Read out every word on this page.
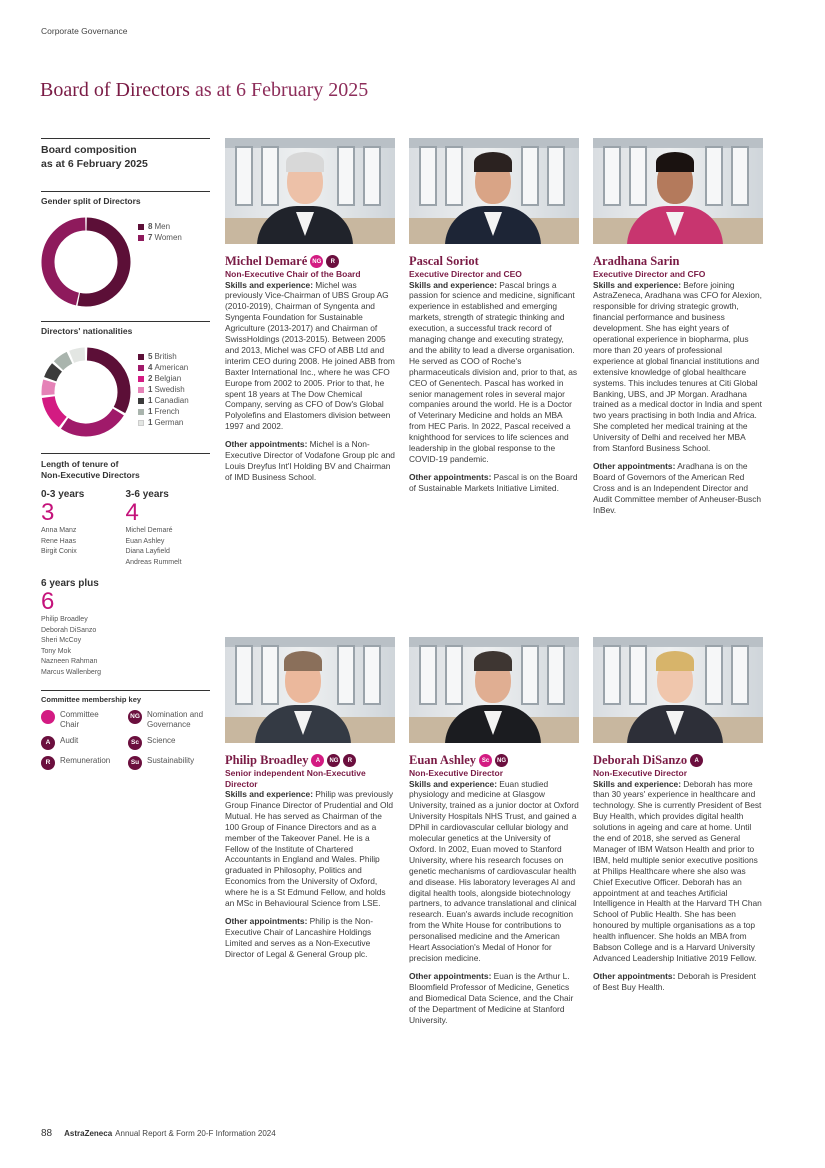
Corporate Governance
Board of Directors as at 6 February 2025
Board composition
as at 6 February 2025
Gender split of Directors
8 Men
7 Women
Directors' nationalities
5 British
4 American
2 Belgian
1 Swedish
1 Canadian
1 French
1 German
Length of tenure of
Non-Executive Directors
0-3 years
3
Anna Manz
Rene Haas
Birgit Conix
3-6 years
4
Michel Demaré
Euan Ashley
Diana Layfield
Andreas Rummelt
6 years plus
6
Philip Broadley
Deborah DiSanzo
Sheri McCoy
Tony Mok
Nazneen Rahman
Marcus Wallenberg
Committee membership key
Committee
Chair
NG Nomination and
Governance
A	Audit	Sc	Science
R	Remuneration	Su Sustainability
Michel Demaré NG	R
Non-Executive Chair of the Board
Skills and experience: Michel was previously Vice-Chairman of UBS Group AG (2010-2019), Chairman of Syngenta and Syngenta Foundation for Sustainable Agriculture (2013-2017) and Chairman of SwissHoldings (2013-2015). Between 2005 and 2013, Michel was CFO of ABB Ltd and interim CEO during 2008. He joined ABB from Baxter International Inc., where he was CFO Europe from 2002 to 2005. Prior to that, he spent 18 years at The Dow Chemical Company, serving as CFO of Dow's Global Polyolefins and Elastomers division between 1997 and 2002.
Other appointments: Michel is a Non-Executive Director of Vodafone Group plc and Louis Dreyfus Int'l Holding BV and Chairman of IMD Business School.
Pascal Soriot
Executive Director and CEO
Skills and experience: Pascal brings a passion for science and medicine, significant experience in established and emerging markets, strength of strategic thinking and execution, a successful track record of managing change and executing strategy, and the ability to lead a diverse organisation. He served as COO of Roche's pharmaceuticals division and, prior to that, as CEO of Genentech. Pascal has worked in senior management roles in several major companies around the world. He is a Doctor of Veterinary Medicine and holds an MBA from HEC Paris. In 2022, Pascal received a knighthood for services to life sciences and leadership in the global response to the COVID-19 pandemic.
Other appointments: Pascal is on the Board of Sustainable Markets Initiative Limited.
Aradhana Sarin
Executive Director and CFO
Skills and experience: Before joining AstraZeneca, Aradhana was CFO for Alexion, responsible for driving strategic growth, financial performance and business development. She has eight years of operational experience in biopharma, plus more than 20 years of professional experience at global financial institutions and extensive knowledge of global healthcare systems. This includes tenures at Citi Global Banking, UBS, and JP Morgan. Aradhana trained as a medical doctor in India and spent two years practising in both India and Africa. She completed her medical training at the University of Delhi and received her MBA from Stanford Business School.
Other appointments: Aradhana is on the Board of Governors of the American Red Cross and is an Independent Director and Audit Committee member of Anheuser-Busch InBev.
Philip Broadley	A	NG	R
Senior independent Non-Executive Director
Skills and experience: Philip was previously Group Finance Director of Prudential and Old Mutual. He has served as Chairman of the 100 Group of Finance Directors and as a member of the Takeover Panel. He is a Fellow of the Institute of Chartered Accountants in England and Wales. Philip graduated in Philosophy, Politics and Economics from the University of Oxford, where he is a St Edmund Fellow, and holds an MSc in Behavioural Science from LSE.
Other appointments: Philip is the Non-Executive Chair of Lancashire Holdings Limited and serves as a Non-Executive Director of Legal & General Group plc.
Euan Ashley Sc	NG
Non-Executive Director
Skills and experience: Euan studied physiology and medicine at Glasgow University, trained as a junior doctor at Oxford University Hospitals NHS Trust, and gained a DPhil in cardiovascular cellular biology and molecular genetics at the University of Oxford. In 2002, Euan moved to Stanford University, where his research focuses on genetic mechanisms of cardiovascular health and disease. His laboratory leverages AI and digital health tools, alongside biotechnology partners, to advance translational and clinical research. Euan's awards include recognition from the White House for contributions to personalised medicine and the American Heart Association's Medal of Honor for precision medicine.
Other appointments: Euan is the Arthur L. Bloomfield Professor of Medicine, Genetics and Biomedical Data Science, and the Chair of the Department of Medicine at Stanford University.
Deborah DiSanzo	A
Non-Executive Director
Skills and experience: Deborah has more than 30 years' experience in healthcare and technology. She is currently President of Best Buy Health, which provides digital health solutions in ageing and care at home. Until the end of 2018, she served as General Manager of IBM Watson Health and prior to IBM, held multiple senior executive positions at Philips Healthcare where she also was Chief Executive Officer. Deborah has an appointment at and teaches Artificial Intelligence in Health at the Harvard TH Chan School of Public Health. She has been honoured by multiple organisations as a top health influencer. She holds an MBA from Babson College and is a Harvard University Advanced Leadership Initiative 2019 Fellow.
Other appointments: Deborah is President of Best Buy Health.
88 AstraZeneca Annual Report & Form 20-F Information 2024
